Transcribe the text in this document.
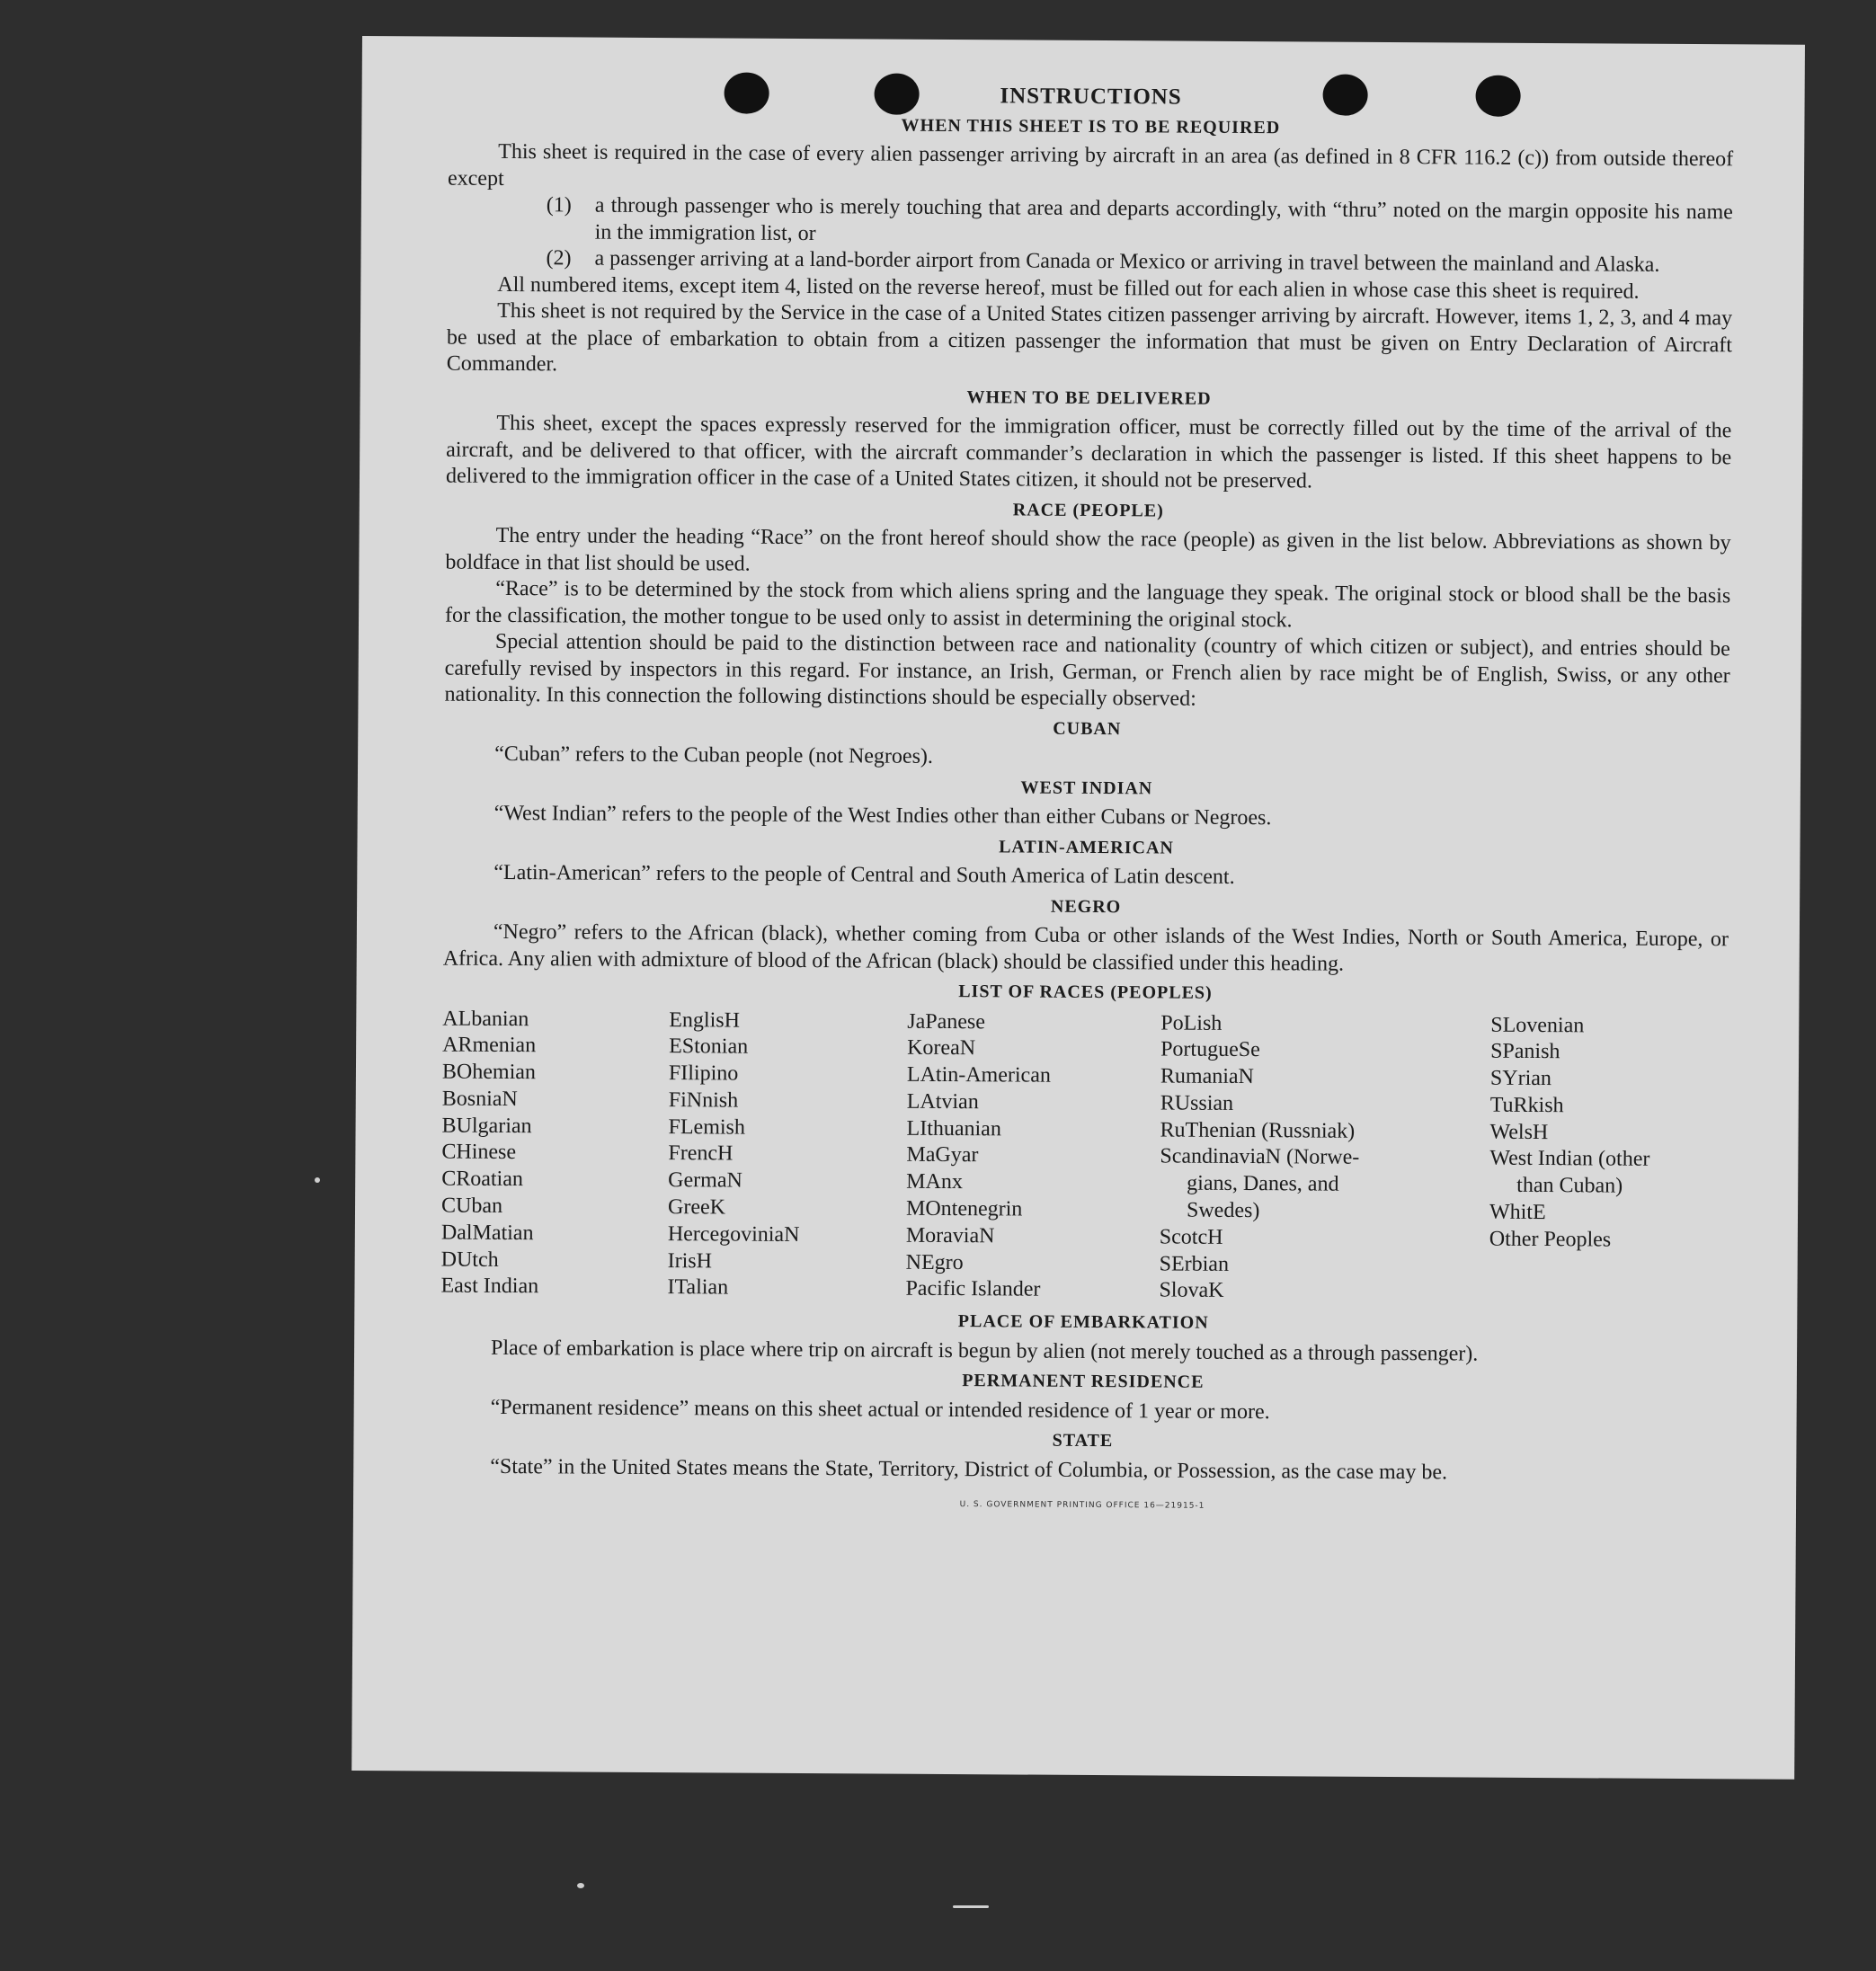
INSTRUCTIONS
WHEN THIS SHEET IS TO BE REQUIRED

This sheet is required in the case of every alien passenger arriving by aircraft in an area (as defined in 8 CFR 116.2 (c)) from outside thereof except

(1)	a through passenger who is merely touching that area and departs accordingly, with “thru” noted on the margin opposite his name in the immigration list, or
(2)	a passenger arriving at a land-border airport from Canada or Mexico or arriving in travel between the mainland and Alaska.

All numbered items, except item 4, listed on the reverse hereof, must be filled out for each alien in whose case this sheet is required.

This sheet is not required by the Service in the case of a United States citizen passenger arriving by aircraft. However, items 1, 2, 3, and 4 may be used at the place of embarkation to obtain from a citizen passenger the information that must be given on Entry Declaration of Aircraft Commander.

WHEN TO BE DELIVERED

This sheet, except the spaces expressly reserved for the immigration officer, must be correctly filled out by the time of the arrival of the aircraft, and be delivered to that officer, with the aircraft commander’s declaration in which the passenger is listed. If this sheet happens to be delivered to the immigration officer in the case of a United States citizen, it should not be preserved.

RACE (PEOPLE)

The entry under the heading “Race” on the front hereof should show the race (people) as given in the list below. Abbreviations as shown by boldface in that list should be used.

“Race” is to be determined by the stock from which aliens spring and the language they speak. The original stock or blood shall be the basis for the classification, the mother tongue to be used only to assist in determining the original stock.

Special attention should be paid to the distinction between race and nationality (country of which citizen or subject), and entries should be carefully revised by inspectors in this regard. For instance, an Irish, German, or French alien by race might be of English, Swiss, or any other nationality. In this connection the following distinctions should be especially observed:

CUBAN

“Cuban” refers to the Cuban people (not Negroes).

WEST INDIAN

“West Indian” refers to the people of the West Indies other than either Cubans or Negroes.

LATIN-AMERICAN

“Latin-American” refers to the people of Central and South America of Latin descent.

NEGRO

“Negro” refers to the African (black), whether coming from Cuba or other islands of the West Indies, North or South America, Europe, or Africa. Any alien with admixture of blood of the African (black) should be classified under this heading.

LIST OF RACES (PEOPLES)
ALbanian
ARmenian
BOhemian
BosniaN
BUlgarian
CHinese
CRoatian
CUban
DalMatian
DUtch
East Indian
EnglisH
EStonian
FIlipino
FiNnish
FLemish
FrencH
GermaN
GreeK
HercegoviniaN
IrisH
ITalian
JaPanese
KoreaN
LAtin-American
LAtvian
LIthuanian
MaGyar
MAnx
MOntenegrin
MoraviaN
NEgro
Pacific Islander
PoLish
PortugueSe
RumaniaN
RUssian
RuThenian (Russniak)
ScandinaviaN (Norwe-
gians, Danes, and
Swedes)
ScotcH
SErbian
SlovaK
SLovenian
SPanish
SYrian
TuRkish
WelsH
West Indian (other
than Cuban)
WhitE
Other Peoples
PLACE OF EMBARKATION

Place of embarkation is place where trip on aircraft is begun by alien (not merely touched as a through passenger).

PERMANENT RESIDENCE

“Permanent residence” means on this sheet actual or intended residence of 1 year or more.

STATE

“State” in the United States means the State, Territory, District of Columbia, or Possession, as the case may be.

U. S. GOVERNMENT PRINTING OFFICE 16—21915-1
